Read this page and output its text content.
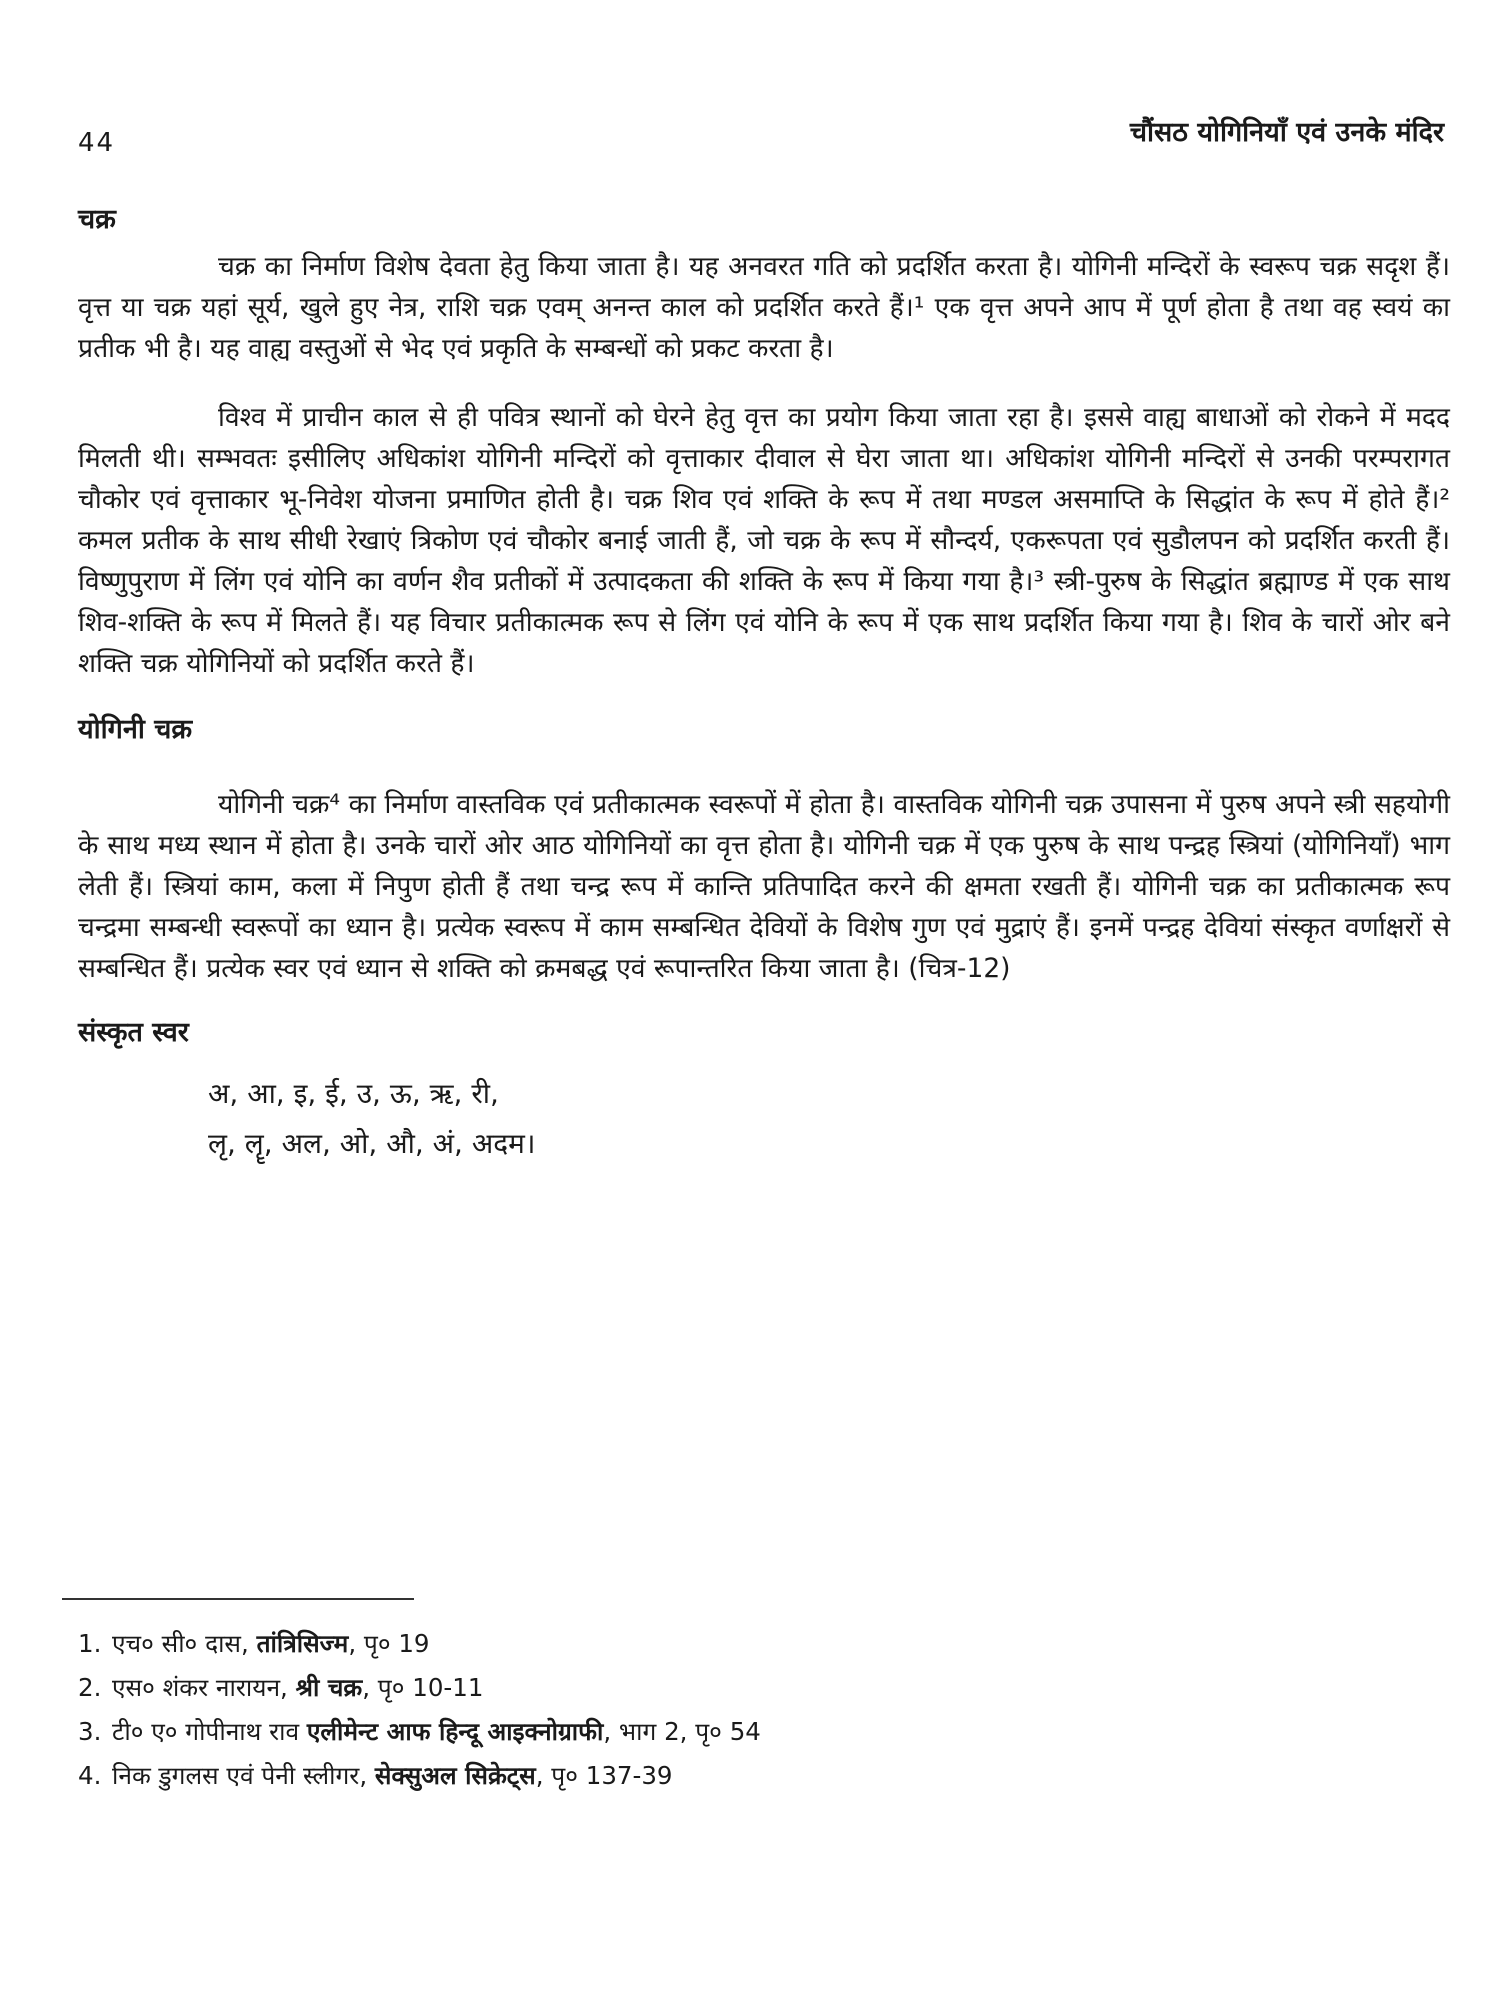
44	चौंसठ योगिनियाँ एवं उनके मंदिर
चक्र

चक्र का निर्माण विशेष देवता हेतु किया जाता है। यह अनवरत गति को प्रदर्शित करता है। योगिनी मन्दिरों के स्वरूप चक्र सदृश हैं। वृत्त या चक्र यहां सूर्य, खुले हुए नेत्र, राशि चक्र एवम् अनन्त काल को प्रदर्शित करते हैं।¹ एक वृत्त अपने आप में पूर्ण होता है तथा वह स्वयं का प्रतीक भी है। यह वाह्य वस्तुओं से भेद एवं प्रकृति के सम्बन्धों को प्रकट करता है।

विश्व में प्राचीन काल से ही पवित्र स्थानों को घेरने हेतु वृत्त का प्रयोग किया जाता रहा है। इससे वाह्य बाधाओं को रोकने में मदद मिलती थी। सम्भवतः इसीलिए अधिकांश योगिनी मन्दिरों को वृत्ताकार दीवाल से घेरा जाता था। अधिकांश योगिनी मन्दिरों से उनकी परम्परागत चौकोर एवं वृत्ताकार भू-निवेश योजना प्रमाणित होती है। चक्र शिव एवं शक्ति के रूप में तथा मण्डल असमाप्ति के सिद्धांत के रूप में होते हैं।² कमल प्रतीक के साथ सीधी रेखाएं त्रिकोण एवं चौकोर बनाई जाती हैं, जो चक्र के रूप में सौन्दर्य, एकरूपता एवं सुडौलपन को प्रदर्शित करती हैं। विष्णुपुराण में लिंग एवं योनि का वर्णन शैव प्रतीकों में उत्पादकता की शक्ति के रूप में किया गया है।³ स्त्री-पुरुष के सिद्धांत ब्रह्माण्ड में एक साथ शिव-शक्ति के रूप में मिलते हैं। यह विचार प्रतीकात्मक रूप से लिंग एवं योनि के रूप में एक साथ प्रदर्शित किया गया है। शिव के चारों ओर बने शक्ति चक्र योगिनियों को प्रदर्शित करते हैं।

योगिनी चक्र

योगिनी चक्र⁴ का निर्माण वास्तविक एवं प्रतीकात्मक स्वरूपों में होता है। वास्तविक योगिनी चक्र उपासना में पुरुष अपने स्त्री सहयोगी के साथ मध्य स्थान में होता है। उनके चारों ओर आठ योगिनियों का वृत्त होता है। योगिनी चक्र में एक पुरुष के साथ पन्द्रह स्त्रियां (योगिनियाँ) भाग लेती हैं। स्त्रियां काम, कला में निपुण होती हैं तथा चन्द्र रूप में कान्ति प्रतिपादित करने की क्षमता रखती हैं। योगिनी चक्र का प्रतीकात्मक रूप चन्द्रमा सम्बन्धी स्वरूपों का ध्यान है। प्रत्येक स्वरूप में काम सम्बन्धित देवियों के विशेष गुण एवं मुद्राएं हैं। इनमें पन्द्रह देवियां संस्कृत वर्णाक्षरों से सम्बन्धित हैं। प्रत्येक स्वर एवं ध्यान से शक्ति को क्रमबद्ध एवं रूपान्तरित किया जाता है। (चित्र-12)

संस्कृत स्वर
अ, आ, इ, ई, उ, ऊ, ऋ, री,
लृ, लॄ, अल, ओ, औ, अं, अदम।
1. एच० सी० दास, तांत्रिसिज्म, पृ० 19
2. एस० शंकर नारायन, श्री चक्र, पृ० 10-11
3. टी० ए० गोपीनाथ राव एलीमेन्ट आफ हिन्दू आइक्नोग्राफी, भाग 2, पृ० 54
4. निक डुगलस एवं पेनी स्लीगर, सेक्सुअल सिक्रेट्स, पृ० 137-39
